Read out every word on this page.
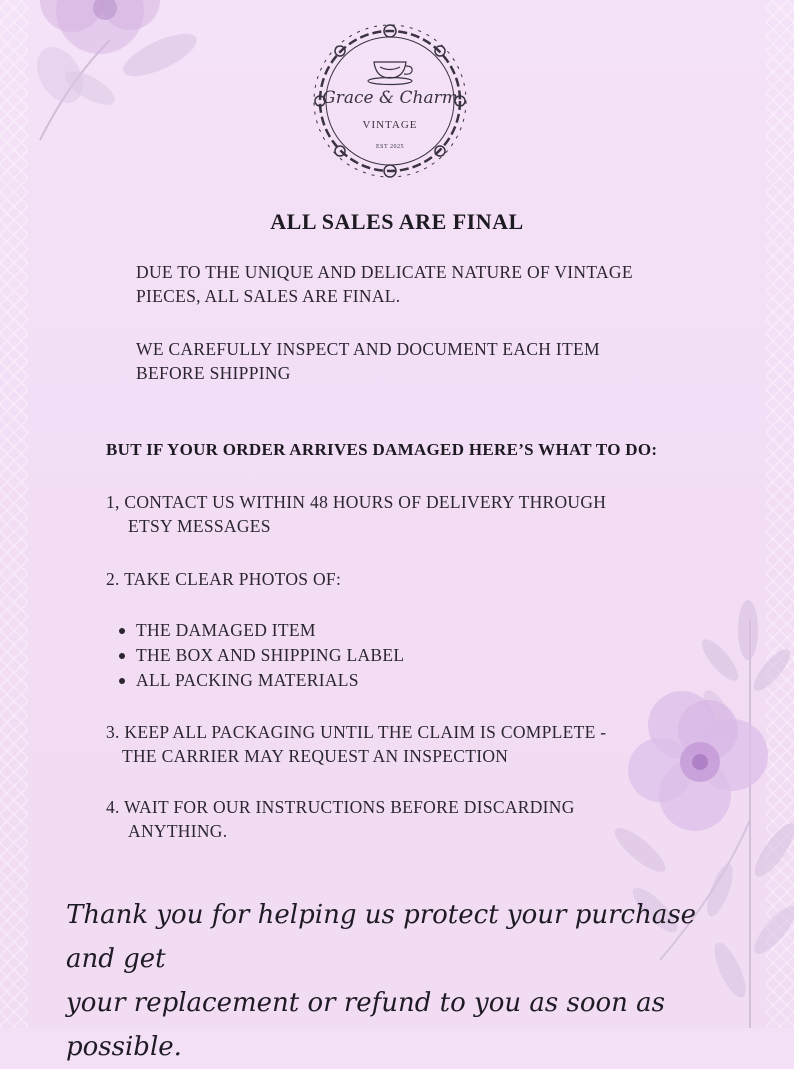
Grace & Charm
VINTAGE
EST 2025
ALL SALES ARE FINAL

DUE TO THE UNIQUE AND DELICATE NATURE OF VINTAGE
PIECES, ALL SALES ARE FINAL.

WE CAREFULLY INSPECT AND DOCUMENT EACH ITEM
BEFORE SHIPPING

BUT IF YOUR ORDER ARRIVES DAMAGED HERE’S WHAT TO DO:
1, CONTACT US WITHIN 48 HOURS OF DELIVERY THROUGH
ETSY MESSAGES
2. TAKE CLEAR PHOTOS OF:
THE DAMAGED ITEM
THE BOX AND SHIPPING LABEL
ALL PACKING MATERIALS
3. KEEP ALL PACKAGING UNTIL THE CLAIM IS COMPLETE -
THE CARRIER MAY REQUEST AN INSPECTION
4. WAIT FOR OUR INSTRUCTIONS BEFORE DISCARDING
ANYTHING.
Thank you for helping us protect your purchase and get
your replacement or refund to you as soon as possible.
